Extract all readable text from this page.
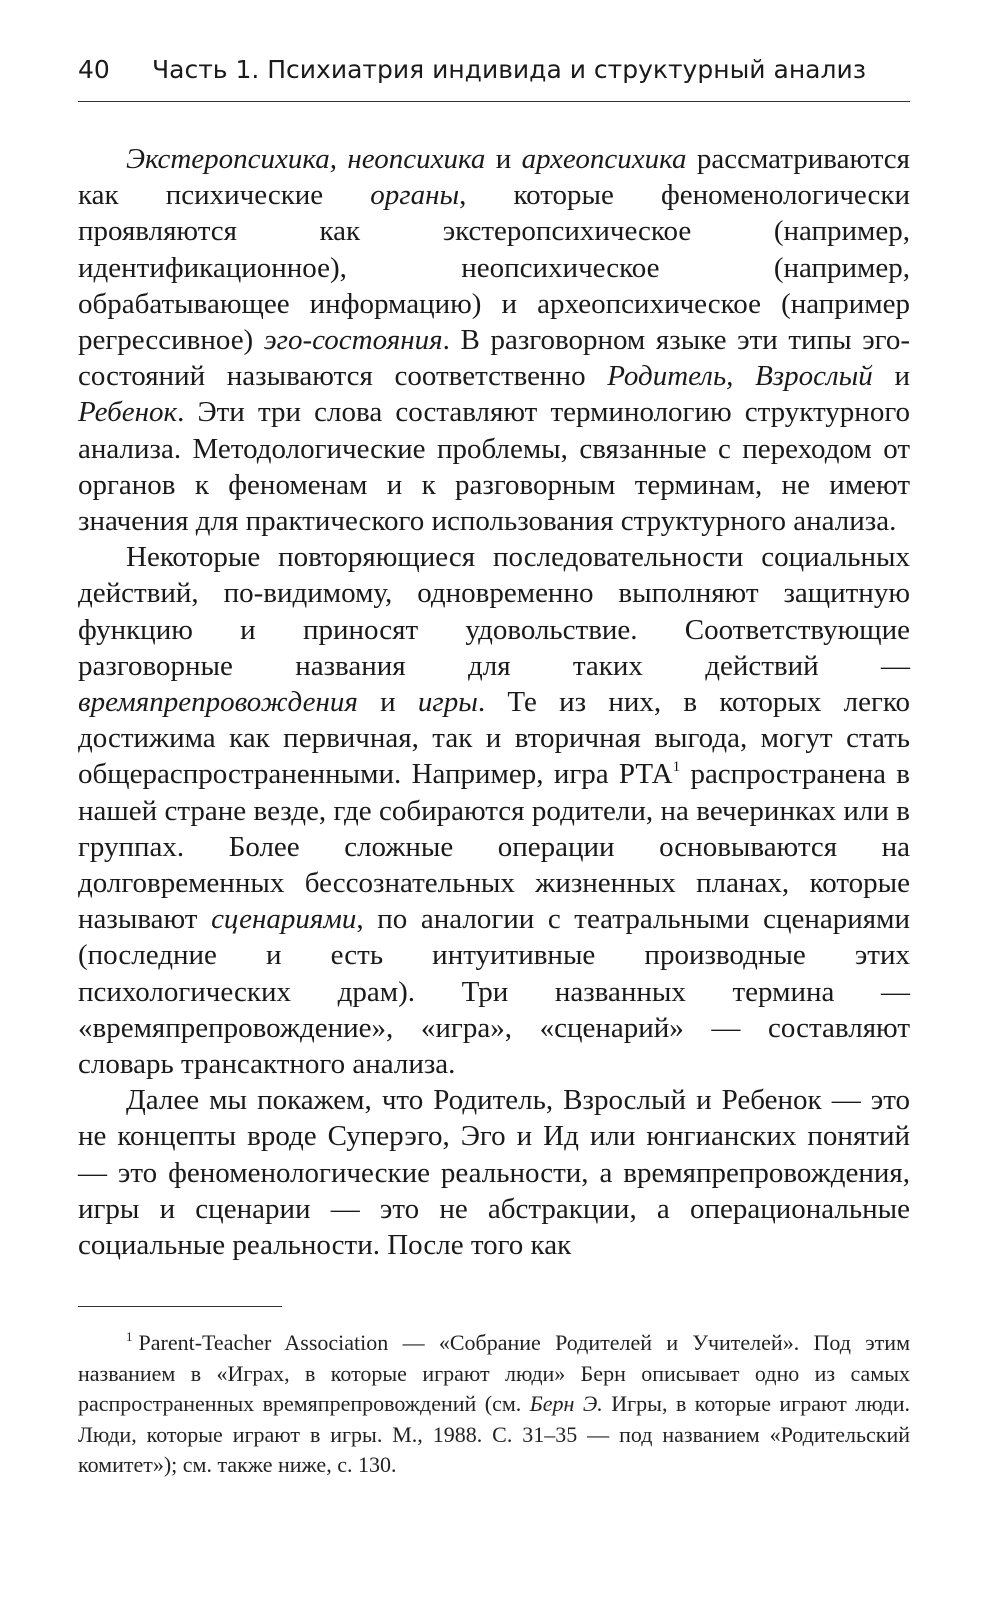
40 Часть 1. Психиатрия индивида и структурный анализ

Экстеропсихика, неопсихика и археопсихика рассматриваются как психические органы, которые феноменологически проявляются как экстеропсихическое (например, идентификационное), неопсихическое (например, обрабатывающее информацию) и археопсихическое (например регрессивное) эго-состояния. В разговорном языке эти типы эго-состояний называются соответственно Родитель, Взрослый и Ребенок. Эти три слова составляют терминологию структурного анализа. Методологические проблемы, связанные с переходом от органов к феноменам и к разговорным терминам, не имеют значения для практического использования структурного анализа.

Некоторые повторяющиеся последовательности социальных действий, по-видимому, одновременно выполняют защитную функцию и приносят удовольствие. Соответствующие разговорные названия для таких действий — времяпрепровождения и игры. Те из них, в которых легко достижима как первичная, так и вторичная выгода, могут стать общераспространенными. Например, игра РТА$^1$ распространена в нашей стране везде, где собираются родители, на вечеринках или в группах. Более сложные операции основываются на долговременных бессознательных жизненных планах, которые называют сценариями, по аналогии с театральными сценариями (последние и есть интуитивные производные этих психологических драм). Три названных термина — «времяпрепровождение», «игра», «сценарий» — составляют словарь трансактного анализа.

Далее мы покажем, что Родитель, Взрослый и Ребенок — это не концепты вроде Суперэго, Эго и Ид или юнгианских понятий — это феноменологические реальности, а времяпрепровождения, игры и сценарии — это не абстракции, а операциональные социальные реальности. После того как

$^1$ Parent-Teacher Association — «Собрание Родителей и Учителей». Под этим названием в «Играх, в которые играют люди» Берн описывает одно из самых распространенных времяпрепровождений (см. Берн Э. Игры, в которые играют люди. Люди, которые играют в игры. М., 1988. С. 31–35 — под названием «Родительский комитет»); см. также ниже, с. 130.
